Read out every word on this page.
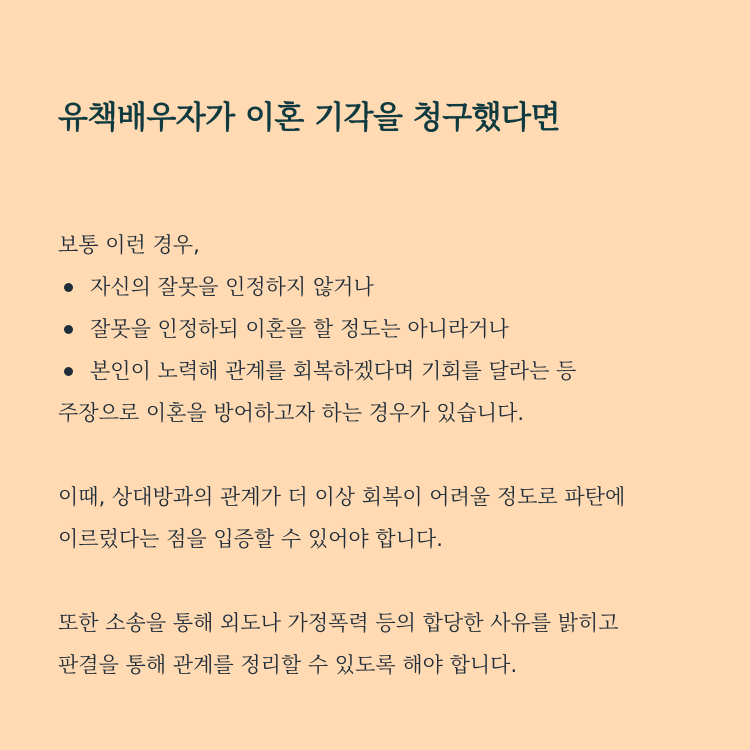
유책배우자가 이혼 기각을 청구했다면
보통 이런 경우,
자신의 잘못을 인정하지 않거나
잘못을 인정하되 이혼을 할 정도는 아니라거나
본인이 노력해 관계를 회복하겠다며 기회를 달라는 등
주장으로 이혼을 방어하고자 하는 경우가 있습니다.
이때, 상대방과의 관계가 더 이상 회복이 어려울 정도로 파탄에
이르렀다는 점을 입증할 수 있어야 합니다.
또한 소송을 통해 외도나 가정폭력 등의 합당한 사유를 밝히고
판결을 통해 관계를 정리할 수 있도록 해야 합니다.
